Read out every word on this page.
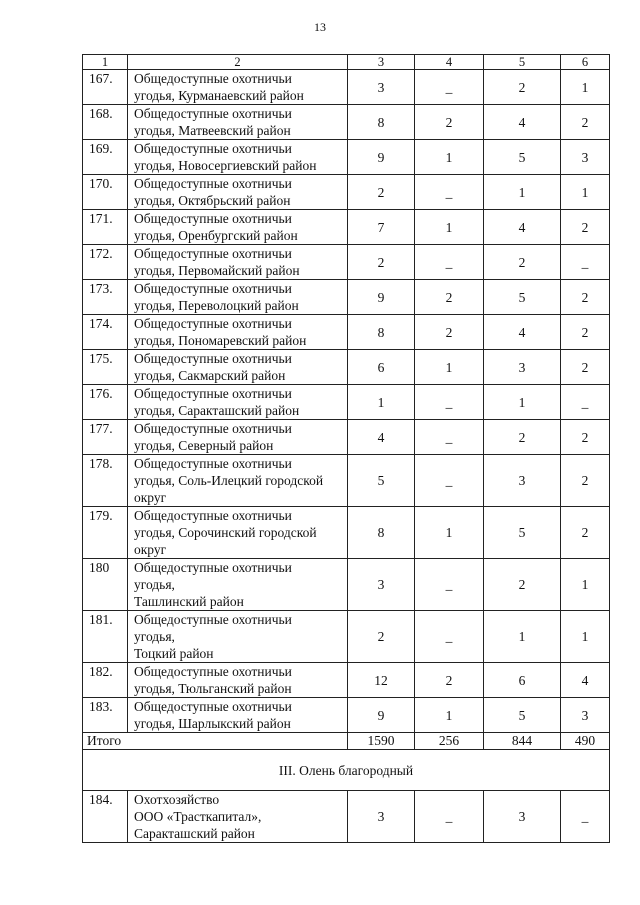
13
1	2	3	4	5	6
167.	Общедоступные охотничьи
угодья, Курманаевский район	3	_	2	1
168.	Общедоступные охотничьи
угодья, Матвеевский район	8	2	4	2
169.	Общедоступные охотничьи
угодья, Новосергиевский район	9	1	5	3
170.	Общедоступные охотничьи
угодья, Октябрьский район	2	_	1	1
171.	Общедоступные охотничьи
угодья, Оренбургский район	7	1	4	2
172.	Общедоступные охотничьи
угодья, Первомайский район	2	_	2	_
173.	Общедоступные охотничьи
угодья, Переволоцкий район	9	2	5	2
174.	Общедоступные охотничьи
угодья, Пономаревский район	8	2	4	2
175.	Общедоступные охотничьи
угодья, Сакмарский район	6	1	3	2
176.	Общедоступные охотничьи
угодья, Саракташский район	1	_	1	_
177.	Общедоступные охотничьи
угодья, Северный район	4	_	2	2
178.	Общедоступные охотничьи
угодья, Соль-Илецкий городской
округ	5	_	3	2
179.	Общедоступные охотничьи
угодья, Сорочинский городской
округ	8	1	5	2
180	Общедоступные охотничьи
угодья,
Ташлинский район	3	_	2	1
181.	Общедоступные охотничьи
угодья,
Тоцкий район	2	_	1	1
182.	Общедоступные охотничьи
угодья, Тюльганский район	12	2	6	4
183.	Общедоступные охотничьи
угодья, Шарлыкский район	9	1	5	3
Итого		1590	256	844	490
III. Олень благородный					
184.	Охотхозяйство
ООО «Трасткапитал»,
Саракташский район	3	_	3	_
